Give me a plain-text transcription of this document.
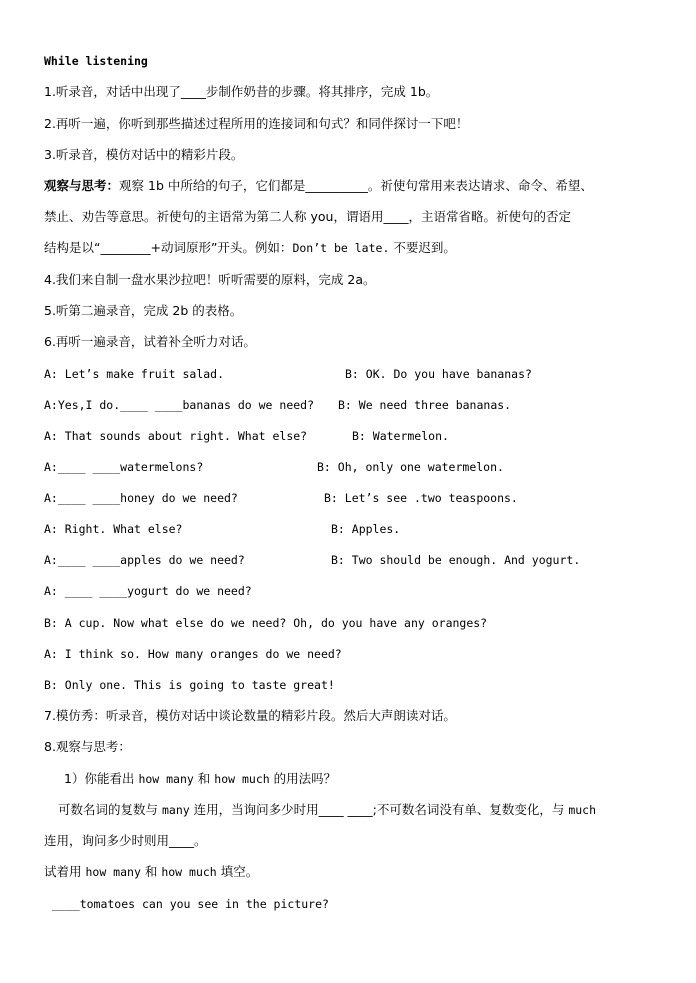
While listening
1.听录音，对话中出现了____步制作奶昔的步骤。将其排序，完成 1b。
2.再听一遍，你听到那些描述过程所用的连接词和句式？和同伴探讨一下吧！
3.听录音，模仿对话中的精彩片段。
观察与思考：观察 1b 中所给的句子，它们都是__________。祈使句常用来表达请求、命令、希望、
禁止、劝告等意思。祈使句的主语常为第二人称 you，谓语用____，主语常省略。祈使句的否定
结构是以“________+动词原形”开头。例如：Don’t be late. 不要迟到。
4.我们来自制一盘水果沙拉吧！听听需要的原料，完成 2a。
5.听第二遍录音，完成 2b 的表格。
6.再听一遍录音，试着补全听力对话。
A: Let’s make fruit salad.	B: OK. Do you have bananas?
A:Yes,I do.____ ____bananas do we need? B: We need three bananas.
A: That sounds about right. What else?	B: Watermelon.
A:____ ____watermelons?	B: Oh, only one watermelon.
A:____ ____honey do we need?	B: Let’s see .two teaspoons.
A: Right. What else?	B: Apples.
A:____ ____apples do we need?	B: Two should be enough. And yogurt.
A: ____ ____yogurt do we need?
B: A cup. Now what else do we need? Oh, do you have any oranges?
A: I think so. How many oranges do we need?
B: Only one. This is going to taste great!
7.模仿秀：听录音，模仿对话中谈论数量的精彩片段。然后大声朗读对话。
8.观察与思考：
1）你能看出 how many 和 how much 的用法吗？
可数名词的复数与 many 连用，当询问多少时用____ ____;不可数名词没有单、复数变化，与 much
连用，询问多少时则用____。
试着用 how many 和 how much 填空。
____tomatoes can you see in the picture?
